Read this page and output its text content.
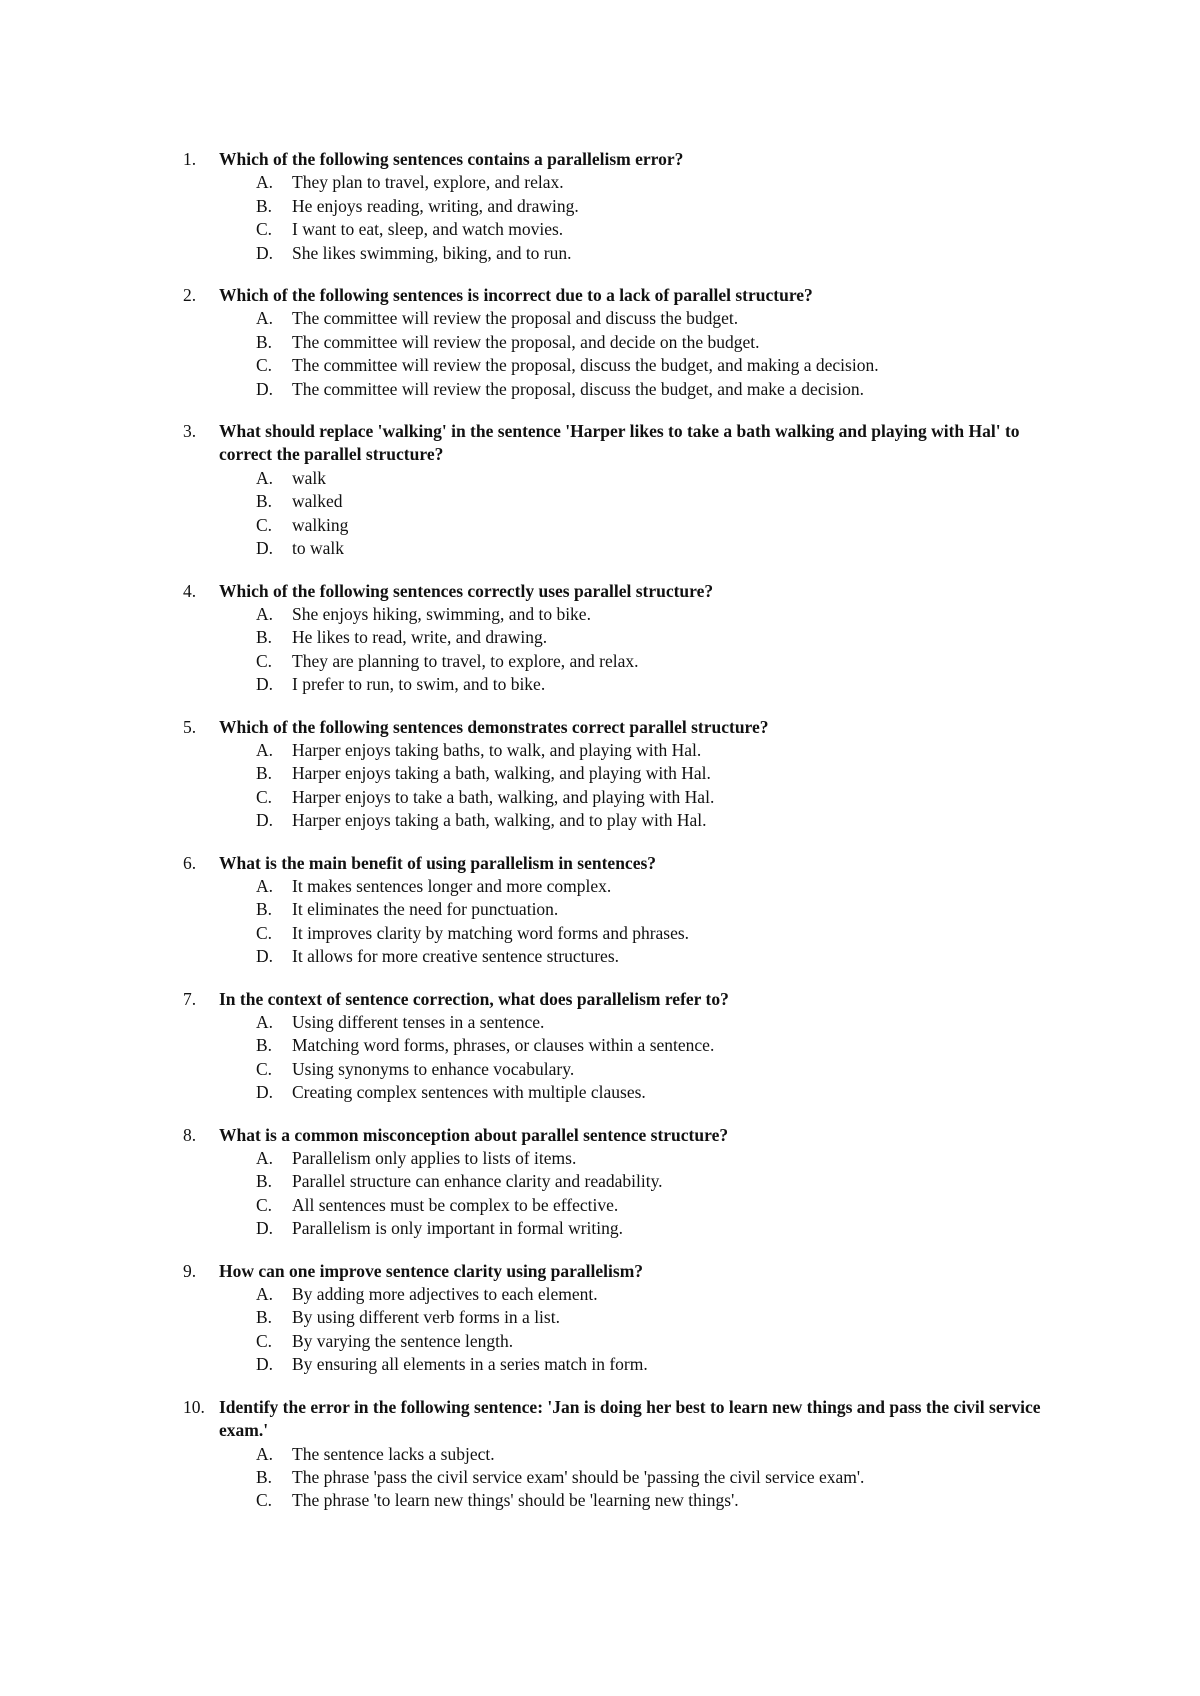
1. Which of the following sentences contains a parallelism error?
A. They plan to travel, explore, and relax.
B. He enjoys reading, writing, and drawing.
C. I want to eat, sleep, and watch movies.
D. She likes swimming, biking, and to run.
2. Which of the following sentences is incorrect due to a lack of parallel structure?
A. The committee will review the proposal and discuss the budget.
B. The committee will review the proposal, and decide on the budget.
C. The committee will review the proposal, discuss the budget, and making a decision.
D. The committee will review the proposal, discuss the budget, and make a decision.
3. What should replace 'walking' in the sentence 'Harper likes to take a bath walking and playing with Hal' to correct the parallel structure?
A. walk
B. walked
C. walking
D. to walk
4. Which of the following sentences correctly uses parallel structure?
A. She enjoys hiking, swimming, and to bike.
B. He likes to read, write, and drawing.
C. They are planning to travel, to explore, and relax.
D. I prefer to run, to swim, and to bike.
5. Which of the following sentences demonstrates correct parallel structure?
A. Harper enjoys taking baths, to walk, and playing with Hal.
B. Harper enjoys taking a bath, walking, and playing with Hal.
C. Harper enjoys to take a bath, walking, and playing with Hal.
D. Harper enjoys taking a bath, walking, and to play with Hal.
6. What is the main benefit of using parallelism in sentences?
A. It makes sentences longer and more complex.
B. It eliminates the need for punctuation.
C. It improves clarity by matching word forms and phrases.
D. It allows for more creative sentence structures.
7. In the context of sentence correction, what does parallelism refer to?
A. Using different tenses in a sentence.
B. Matching word forms, phrases, or clauses within a sentence.
C. Using synonyms to enhance vocabulary.
D. Creating complex sentences with multiple clauses.
8. What is a common misconception about parallel sentence structure?
A. Parallelism only applies to lists of items.
B. Parallel structure can enhance clarity and readability.
C. All sentences must be complex to be effective.
D. Parallelism is only important in formal writing.
9. How can one improve sentence clarity using parallelism?
A. By adding more adjectives to each element.
B. By using different verb forms in a list.
C. By varying the sentence length.
D. By ensuring all elements in a series match in form.
10. Identify the error in the following sentence: 'Jan is doing her best to learn new things and pass the civil service exam.'
A. The sentence lacks a subject.
B. The phrase 'pass the civil service exam' should be 'passing the civil service exam'.
C. The phrase 'to learn new things' should be 'learning new things'.
